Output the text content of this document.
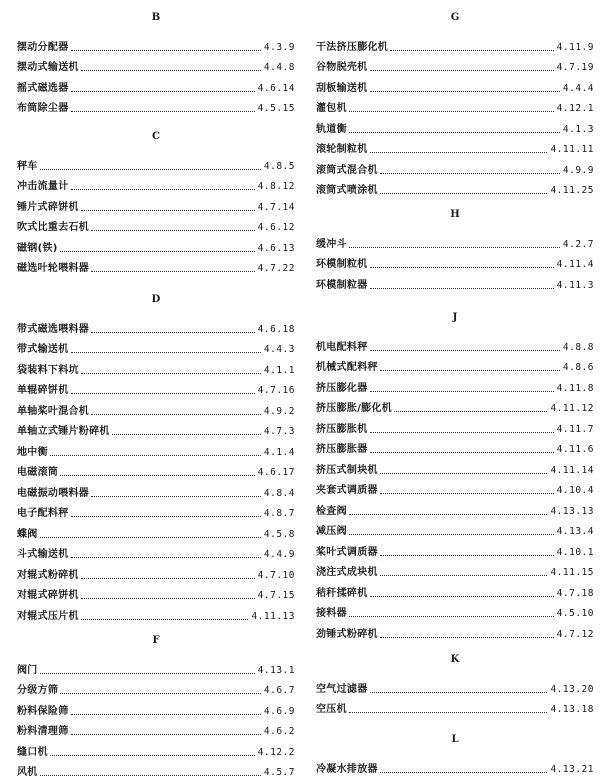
B
摆动分配器	4.3.9
摆动式输送机	4.4.8
摇式磁选器	4.6.14
布筒除尘器	4.5.15
C
秤车	4.8.5
冲击流量计	4.8.12
锤片式碎饼机	4.7.14
吹式比重去石机	4.6.12
磁钢(铁)	4.6.13
磁选叶轮喂料器	4.7.22
D
带式磁选喂料器	4.6.18
带式输送机	4.4.3
袋装料下料坑	4.1.1
单辊碎饼机	4.7.16
单轴桨叶混合机	4.9.2
单轴立式锤片粉碎机	4.7.3
地中衡	4.1.4
电磁滚筒	4.6.17
电磁振动喂料器	4.8.4
电子配料秤	4.8.7
蝶阀	4.5.8
斗式输送机	4.4.9
对辊式粉碎机	4.7.10
对辊式碎饼机	4.7.15
对辊式压片机	4.11.13
F
阀门	4.13.1
分级方筛	4.6.7
粉料保险筛	4.6.9
粉料清理筛	4.6.2
缝口机	4.12.2
风机	4.5.7
G
干法挤压膨化机	4.11.9
谷物脱壳机	4.7.19
刮板输送机	4.4.4
灌包机	4.12.1
轨道衡	4.1.3
滚轮制粒机	4.11.11
滚筒式混合机	4.9.9
滚筒式喷涂机	4.11.25
H
缓冲斗	4.2.7
环模制粒机	4.11.4
环模制粒器	4.11.3
J
机电配料秤	4.8.8
机械式配料秤	4.8.6
挤压膨化器	4.11.8
挤压膨胀/膨化机	4.11.12
挤压膨胀机	4.11.7
挤压膨胀器	4.11.6
挤压式制块机	4.11.14
夹套式调质器	4.10.4
检查阀	4.13.13
减压阀	4.13.4
桨叶式调质器	4.10.1
浇注式成块机	4.11.15
秸秆揉碎机	4.7.18
接料器	4.5.10
劲锤式粉碎机	4.7.12
K
空气过滤器	4.13.20
空压机	4.13.18
L
冷凝水排放器	4.13.21
